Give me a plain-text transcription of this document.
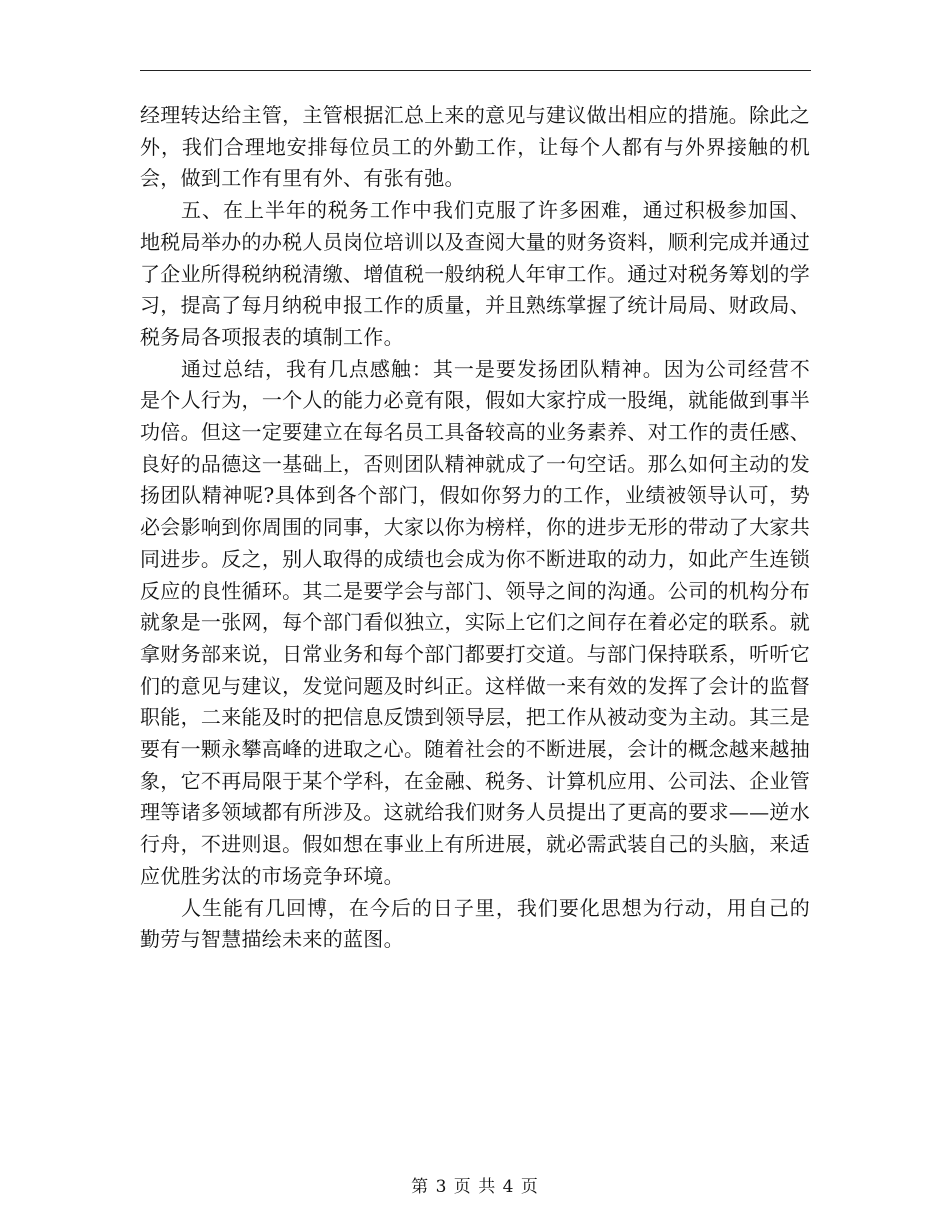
经理转达给主管，主管根据汇总上来的意见与建议做出相应的措施。除此之外，我们合理地安排每位员工的外勤工作，让每个人都有与外界接触的机会，做到工作有里有外、有张有弛。

五、在上半年的税务工作中我们克服了许多困难，通过积极参加国、地税局举办的办税人员岗位培训以及查阅大量的财务资料，顺利完成并通过了企业所得税纳税清缴、增值税一般纳税人年审工作。通过对税务筹划的学习，提高了每月纳税申报工作的质量，并且熟练掌握了统计局局、财政局、税务局各项报表的填制工作。

通过总结，我有几点感触：其一是要发扬团队精神。因为公司经营不是个人行为，一个人的能力必竟有限，假如大家拧成一股绳，就能做到事半功倍。但这一定要建立在每名员工具备较高的业务素养、对工作的责任感、良好的品德这一基础上，否则团队精神就成了一句空话。那么如何主动的发扬团队精神呢?具体到各个部门，假如你努力的工作，业绩被领导认可，势必会影响到你周围的同事，大家以你为榜样，你的进步无形的带动了大家共同进步。反之，别人取得的成绩也会成为你不断进取的动力，如此产生连锁反应的良性循环。其二是要学会与部门、领导之间的沟通。公司的机构分布就象是一张网，每个部门看似独立，实际上它们之间存在着必定的联系。就拿财务部来说，日常业务和每个部门都要打交道。与部门保持联系，听听它们的意见与建议，发觉问题及时纠正。这样做一来有效的发挥了会计的监督职能，二来能及时的把信息反馈到领导层，把工作从被动变为主动。其三是要有一颗永攀高峰的进取之心。随着社会的不断进展，会计的概念越来越抽象，它不再局限于某个学科，在金融、税务、计算机应用、公司法、企业管理等诸多领域都有所涉及。这就给我们财务人员提出了更高的要求——逆水行舟，不进则退。假如想在事业上有所进展，就必需武装自己的头脑，来适应优胜劣汰的市场竞争环境。

人生能有几回博，在今后的日子里，我们要化思想为行动，用自己的勤劳与智慧描绘未来的蓝图。

第 3 页 共 4 页
